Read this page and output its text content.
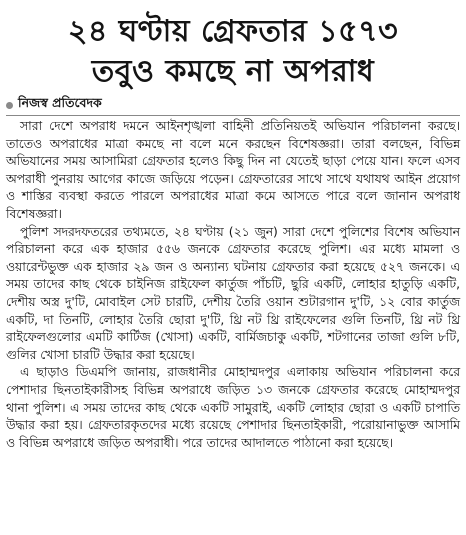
২৪ ঘণ্টায় গ্রেফতার ১৫৭৩
তবুও কমছে না অপরাধ
নিজস্ব প্রতিবেদক

সারা দেশে অপরাধ দমনে আইনশৃঙ্খলা বাহিনী প্রতিনিয়তই অভিযান পরিচালনা করছে। তাতেও অপরাধের মাত্রা কমছে না বলে মনে করছেন বিশেষজ্ঞরা। তারা বলছেন, বিভিন্ন অভিযানের সময় আসামিরা গ্রেফতার হলেও কিছু দিন না যেতেই ছাড়া পেয়ে যান। ফলে এসব অপরাধী পুনরায় আগের কাজে জড়িয়ে পড়েন। গ্রেফতারের সাথে সাথে যথাযথ আইন প্রয়োগ ও শাস্তির ব্যবস্থা করতে পারলে অপরাধের মাত্রা কমে আসতে পারে বলে জানান অপরাধ বিশেষজ্ঞরা।

পুলিশ সদরদফতরের তথ্যমতে, ২৪ ঘণ্টায় (২১ জুন) সারা দেশে পুলিশের বিশেষ অভিযান পরিচালনা করে এক হাজার ৫৫৬ জনকে গ্রেফতার করেছে পুলিশ। এর মধ্যে মামলা ও ওয়ারেন্টভুক্ত এক হাজার ২৯ জন ও অন্যান্য ঘটনায় গ্রেফতার করা হয়েছে ৫২৭ জনকে। এ সময় তাদের কাছ থেকে চাইনিজ রাইফেল কার্তুজ পাঁচটি, ছুরি একটি, লোহার হাতুড়ি একটি, দেশীয় অস্ত্র দু'টি, মোবাইল সেট চারটি, দেশীয় তৈরি ওয়ান শুটারগান দু'টি, ১২ বোর কার্তুজ একটি, দা তিনটি, লোহার তৈরি ছোরা দু'টি, থ্রি নট থ্রি রাইফেলের গুলি তিনটি, থ্রি নট থ্রি রাইফেলগুলোর এমটি কার্টিজ (খোসা) একটি, বার্মিজচাকু একটি, শটগানের তাজা গুলি ৮টি, গুলির খোসা চারটি উদ্ধার করা হয়েছে।

এ ছাড়াও ডিএমপি জানায়, রাজধানীর মোহাম্মদপুর এলাকায় অভিযান পরিচালনা করে পেশাদার ছিনতাইকারীসহ বিভিন্ন অপরাধে জড়িত ১৩ জনকে গ্রেফতার করেছে মোহাম্মদপুর থানা পুলিশ। এ সময় তাদের কাছ থেকে একটি সামুরাই, একটি লোহার ছোরা ও একটি চাপাতি উদ্ধার করা হয়। গ্রেফতারকৃতদের মধ্যে রয়েছে পেশাদার ছিনতাইকারী, পরোয়ানাভুক্ত আসামি ও বিভিন্ন অপরাধে জড়িত অপরাধী। পরে তাদের আদালতে পাঠানো করা হয়েছে।
